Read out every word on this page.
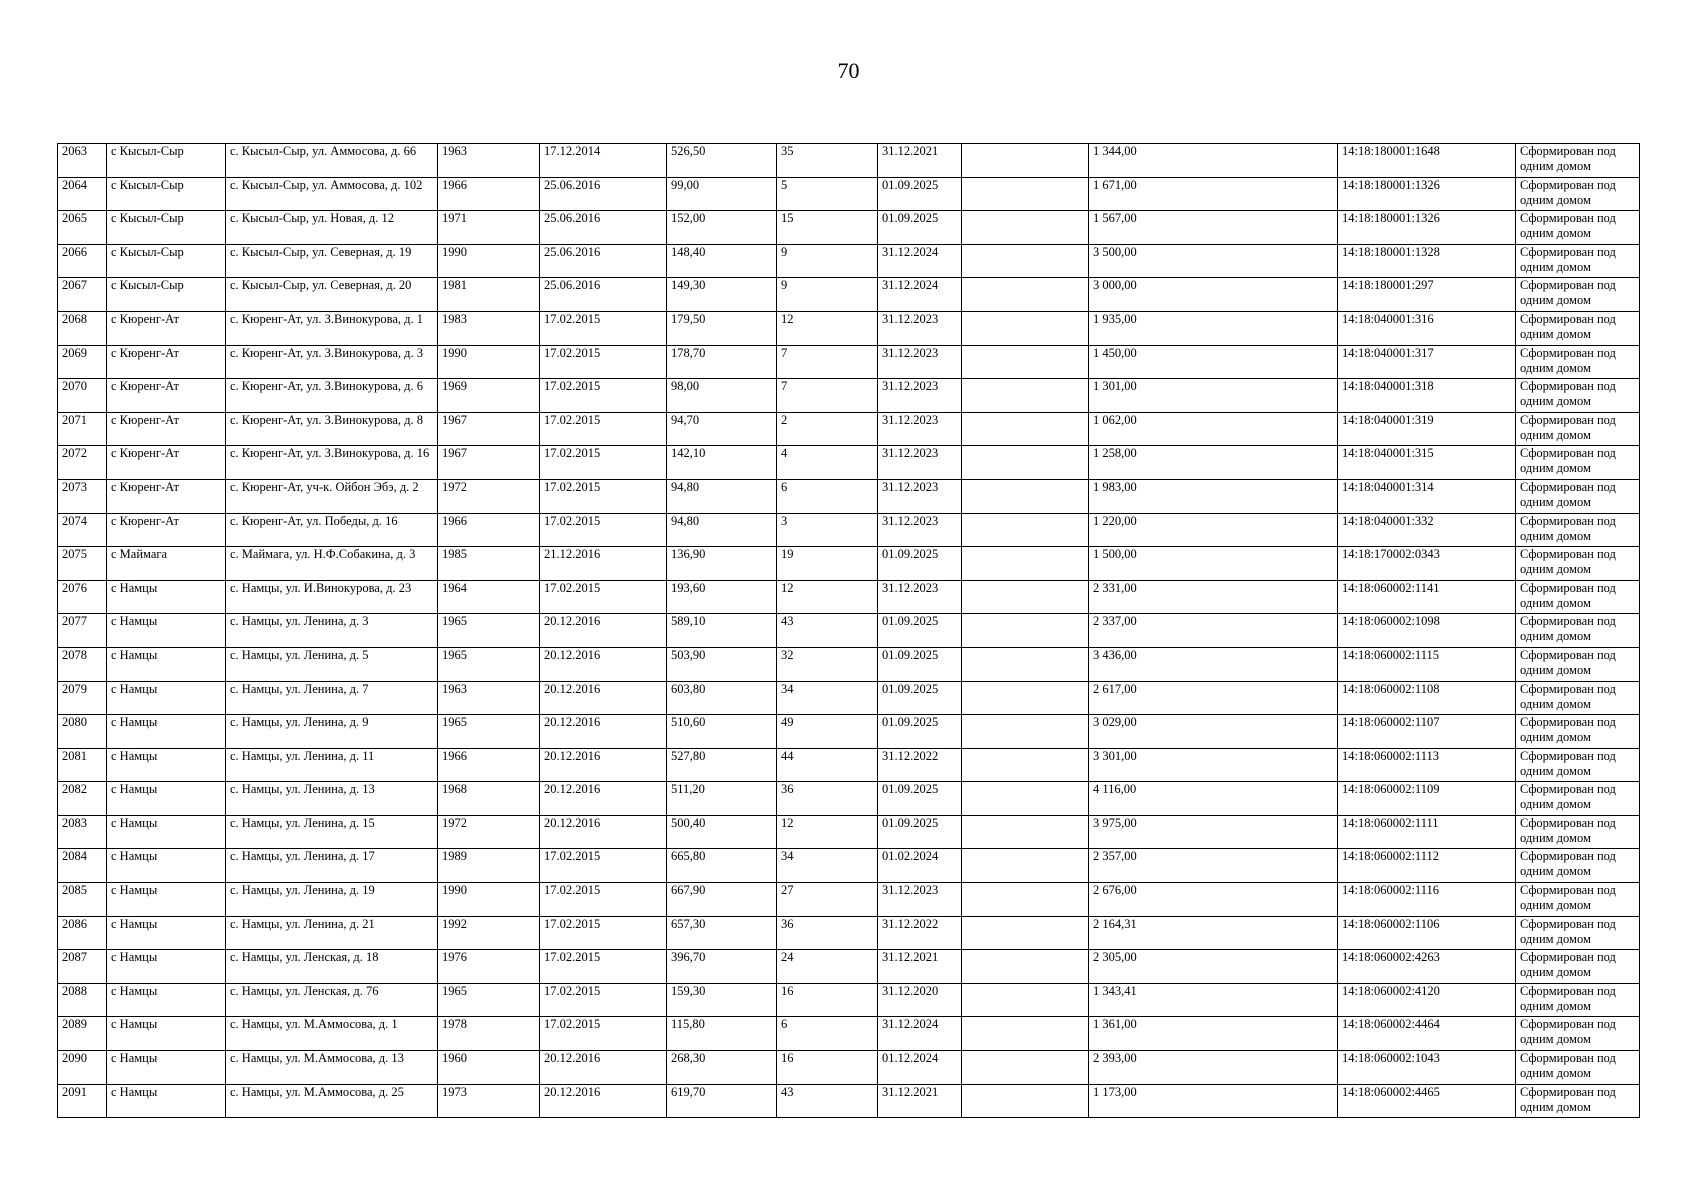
70
2063	с Кысыл-Сыр	с. Кысыл-Сыр, ул. Аммосова, д. 66	1963	17.12.2014	526,50	35	31.12.2021		1 344,00	14:18:180001:1648	Сформирован под одним домом
2064	с Кысыл-Сыр	с. Кысыл-Сыр, ул. Аммосова, д. 102	1966	25.06.2016	99,00	5	01.09.2025		1 671,00	14:18:180001:1326	Сформирован под одним домом
2065	с Кысыл-Сыр	с. Кысыл-Сыр, ул. Новая, д. 12	1971	25.06.2016	152,00	15	01.09.2025		1 567,00	14:18:180001:1326	Сформирован под одним домом
2066	с Кысыл-Сыр	с. Кысыл-Сыр, ул. Северная, д. 19	1990	25.06.2016	148,40	9	31.12.2024		3 500,00	14:18:180001:1328	Сформирован под одним домом
2067	с Кысыл-Сыр	с. Кысыл-Сыр, ул. Северная, д. 20	1981	25.06.2016	149,30	9	31.12.2024		3 000,00	14:18:180001:297	Сформирован под одним домом
2068	с Кюренг-Ат	с. Кюренг-Ат, ул. З.Винокурова, д. 1	1983	17.02.2015	179,50	12	31.12.2023		1 935,00	14:18:040001:316	Сформирован под одним домом
2069	с Кюренг-Ат	с. Кюренг-Ат, ул. З.Винокурова, д. 3	1990	17.02.2015	178,70	7	31.12.2023		1 450,00	14:18:040001:317	Сформирован под одним домом
2070	с Кюренг-Ат	с. Кюренг-Ат, ул. З.Винокурова, д. 6	1969	17.02.2015	98,00	7	31.12.2023		1 301,00	14:18:040001:318	Сформирован под одним домом
2071	с Кюренг-Ат	с. Кюренг-Ат, ул. З.Винокурова, д. 8	1967	17.02.2015	94,70	2	31.12.2023		1 062,00	14:18:040001:319	Сформирован под одним домом
2072	с Кюренг-Ат	с. Кюренг-Ат, ул. З.Винокурова, д. 16	1967	17.02.2015	142,10	4	31.12.2023		1 258,00	14:18:040001:315	Сформирован под одним домом
2073	с Кюренг-Ат	с. Кюренг-Ат, уч-к. Ойбон Эбэ, д. 2	1972	17.02.2015	94,80	6	31.12.2023		1 983,00	14:18:040001:314	Сформирован под одним домом
2074	с Кюренг-Ат	с. Кюренг-Ат, ул. Победы, д. 16	1966	17.02.2015	94,80	3	31.12.2023		1 220,00	14:18:040001:332	Сформирован под одним домом
2075	с Маймага	с. Маймага, ул. Н.Ф.Собакина, д. 3	1985	21.12.2016	136,90	19	01.09.2025		1 500,00	14:18:170002:0343	Сформирован под одним домом
2076	с Намцы	с. Намцы, ул. И.Винокурова, д. 23	1964	17.02.2015	193,60	12	31.12.2023		2 331,00	14:18:060002:1141	Сформирован под одним домом
2077	с Намцы	с. Намцы, ул. Ленина, д. 3	1965	20.12.2016	589,10	43	01.09.2025		2 337,00	14:18:060002:1098	Сформирован под одним домом
2078	с Намцы	с. Намцы, ул. Ленина, д. 5	1965	20.12.2016	503,90	32	01.09.2025		3 436,00	14:18:060002:1115	Сформирован под одним домом
2079	с Намцы	с. Намцы, ул. Ленина, д. 7	1963	20.12.2016	603,80	34	01.09.2025		2 617,00	14:18:060002:1108	Сформирован под одним домом
2080	с Намцы	с. Намцы, ул. Ленина, д. 9	1965	20.12.2016	510,60	49	01.09.2025		3 029,00	14:18:060002:1107	Сформирован под одним домом
2081	с Намцы	с. Намцы, ул. Ленина, д. 11	1966	20.12.2016	527,80	44	31.12.2022		3 301,00	14:18:060002:1113	Сформирован под одним домом
2082	с Намцы	с. Намцы, ул. Ленина, д. 13	1968	20.12.2016	511,20	36	01.09.2025		4 116,00	14:18:060002:1109	Сформирован под одним домом
2083	с Намцы	с. Намцы, ул. Ленина, д. 15	1972	20.12.2016	500,40	12	01.09.2025		3 975,00	14:18:060002:1111	Сформирован под одним домом
2084	с Намцы	с. Намцы, ул. Ленина, д. 17	1989	17.02.2015	665,80	34	01.02.2024		2 357,00	14:18:060002:1112	Сформирован под одним домом
2085	с Намцы	с. Намцы, ул. Ленина, д. 19	1990	17.02.2015	667,90	27	31.12.2023		2 676,00	14:18:060002:1116	Сформирован под одним домом
2086	с Намцы	с. Намцы, ул. Ленина, д. 21	1992	17.02.2015	657,30	36	31.12.2022		2 164,31	14:18:060002:1106	Сформирован под одним домом
2087	с Намцы	с. Намцы, ул. Ленская, д. 18	1976	17.02.2015	396,70	24	31.12.2021		2 305,00	14:18:060002:4263	Сформирован под одним домом
2088	с Намцы	с. Намцы, ул. Ленская, д. 76	1965	17.02.2015	159,30	16	31.12.2020		1 343,41	14:18:060002:4120	Сформирован под одним домом
2089	с Намцы	с. Намцы, ул. М.Аммосова, д. 1	1978	17.02.2015	115,80	6	31.12.2024		1 361,00	14:18:060002:4464	Сформирован под одним домом
2090	с Намцы	с. Намцы, ул. М.Аммосова, д. 13	1960	20.12.2016	268,30	16	01.12.2024		2 393,00	14:18:060002:1043	Сформирован под одним домом
2091	с Намцы	с. Намцы, ул. М.Аммосова, д. 25	1973	20.12.2016	619,70	43	31.12.2021		1 173,00	14:18:060002:4465	Сформирован под одним домом
